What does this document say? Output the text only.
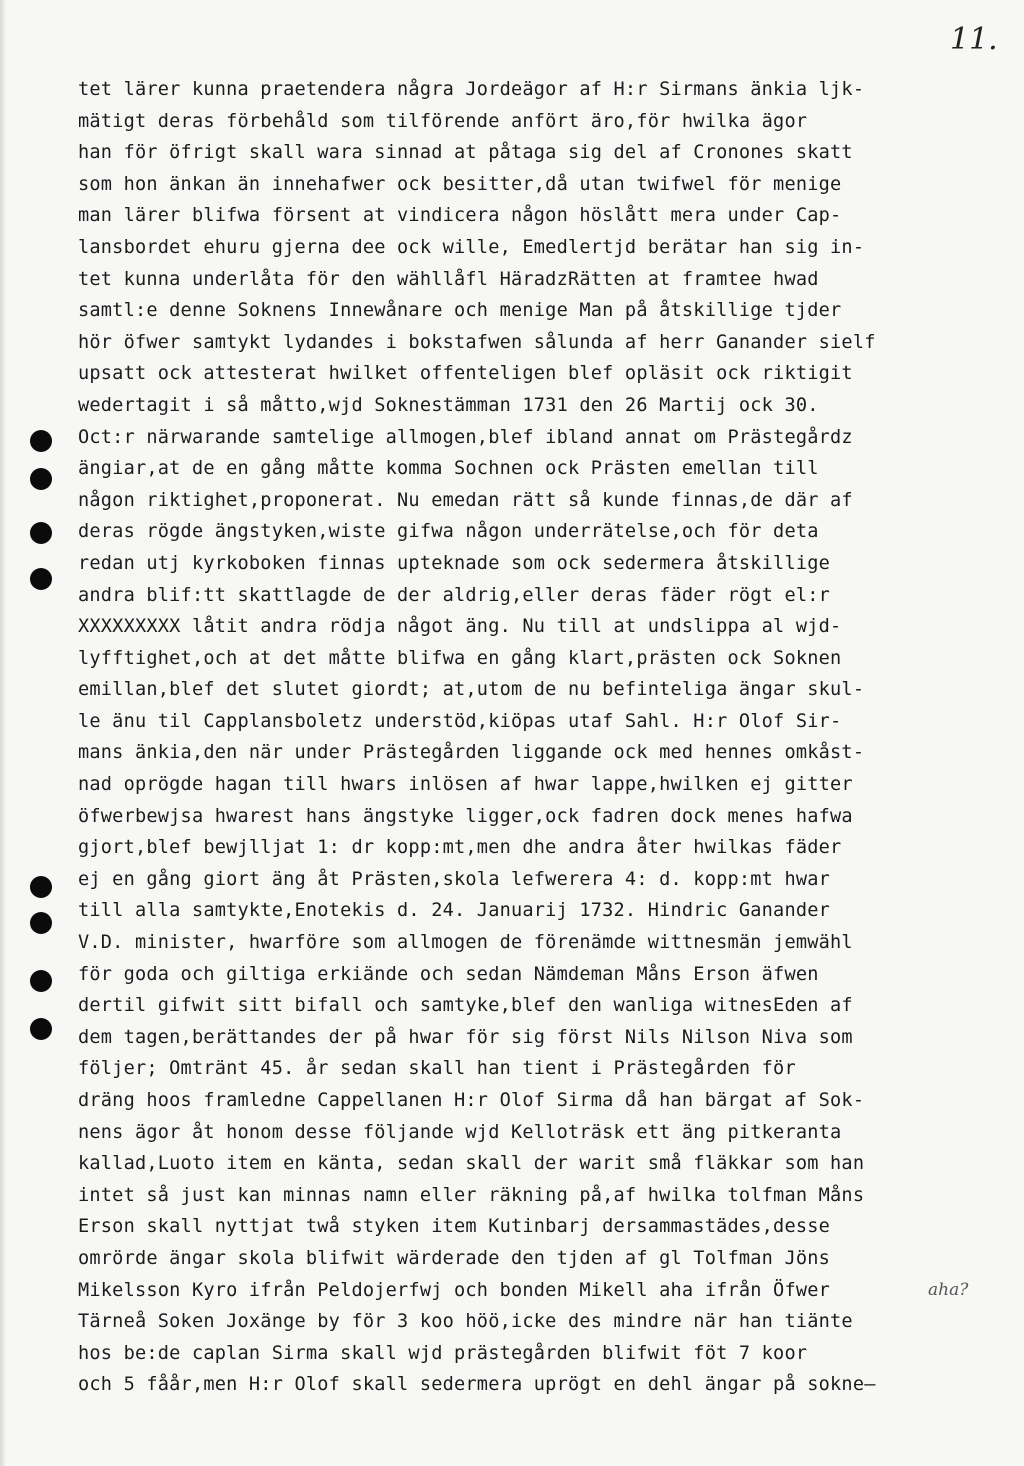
11.
tet lärer kunna praetendera några Jordeägor af H:r Sirmans änkia ljk-
mätigt deras förbehåld som tilförende anfört äro,för hwilka ägor
han för öfrigt skall wara sinnad at påtaga sig del af Cronones skatt
som hon änkan än innehafwer ock besitter,då utan twifwel för menige
man lärer blifwa försent at vindicera någon höslått mera under Cap-
lansbordet ehuru gjerna dee ock wille, Emedlertjd berätar han sig in-
tet kunna underlåta för den wähllåfl HäradzRätten at framtee hwad
samtl:e denne Soknens Innewånare och menige Man på åtskillige tjder
hör öfwer samtykt lydandes i bokstafwen sålunda af herr Ganander sielf
upsatt ock attesterat hwilket offenteligen blef opläsit ock riktigit
wedertagit i så måtto,wjd Soknestämman 1731 den 26 Martij ock 30.
Oct:r närwarande samtelige allmogen,blef ibland annat om Prästegårdz
ängiar,at de en gång måtte komma Sochnen ock Prästen emellan till
någon riktighet,proponerat. Nu emedan rätt så kunde finnas,de där af
deras rögde ängstyken,wiste gifwa någon underrätelse,och för deta
redan utj kyrkoboken finnas upteknade som ock sedermera åtskillige
andra blif:tt skattlagde de der aldrig,eller deras fäder rögt el:r
XXXXXXXXX låtit andra rödja något äng. Nu till at undslippa al wjd-
lyfftighet,och at det måtte blifwa en gång klart,prästen ock Soknen
emillan,blef det slutet giordt; at,utom de nu befinteliga ängar skul-
le änu til Capplansboletz understöd,kiöpas utaf Sahl. H:r Olof Sir-
mans änkia,den när under Prästegården liggande ock med hennes omkåst-
nad oprögde hagan till hwars inlösen af hwar lappe,hwilken ej gitter
öfwerbewjsa hwarest hans ängstyke ligger,ock fadren dock menes hafwa
gjort,blef bewjlljat 1: dr kopp:mt,men dhe andra åter hwilkas fäder
ej en gång giort äng åt Prästen,skola lefwerera 4: d. kopp:mt hwar
till alla samtykte,Enotekis d. 24. Januarij 1732. Hindric Ganander
V.D. minister, hwarföre som allmogen de förenämde wittnesmän jemwähl
för goda och giltiga erkiände och sedan Nämdeman Måns Erson äfwen
dertil gifwit sitt bifall och samtyke,blef den wanliga witnesEden af
dem tagen,berättandes der på hwar för sig först Nils Nilson Niva som
följer; Omtränt 45. år sedan skall han tient i Prästegården för
dräng hoos framledne Cappellanen H:r Olof Sirma då han bärgat af Sok-
nens ägor åt honom desse följande wjd Kelloträsk ett äng pitkeranta
kallad,Luoto item en känta, sedan skall der warit små fläkkar som han
intet så just kan minnas namn eller räkning på,af hwilka tolfman Måns
Erson skall nyttjat twå styken item Kutinbarj dersammastädes,desse
omrörde ängar skola blifwit wärderade den tjden af gl Tolfman Jöns
Mikelsson Kyro ifrån Peldojerfwj och bonden Mikell aha ifrån Öfwer
Tärneå Soken Joxänge by för 3 koo höö,icke des mindre när han tiänte
hos be:de caplan Sirma skall wjd prästegården blifwit föt 7 koor
och 5 fåår,men H:r Olof skall sedermera uprögt en dehl ängar på sokne—
aha?
